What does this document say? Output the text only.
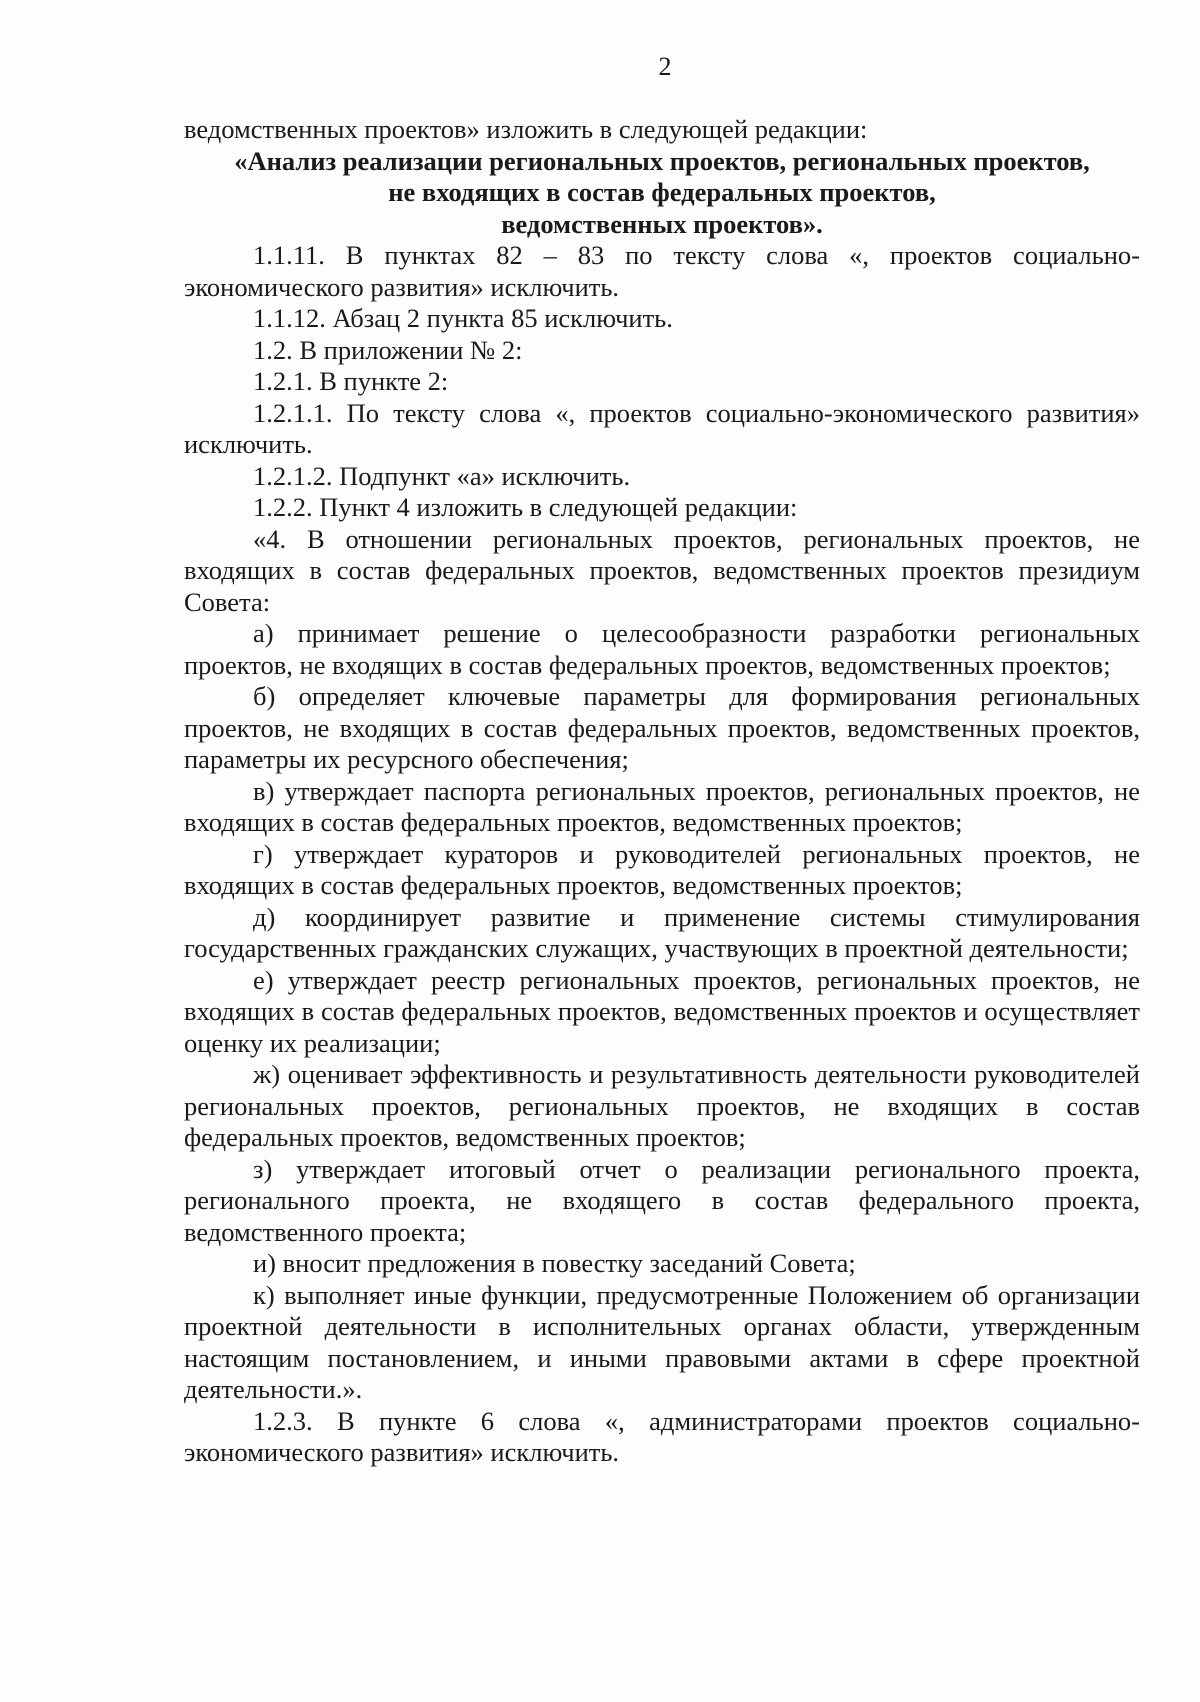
2

ведомственных проектов» изложить в следующей редакции:

«Анализ реализации региональных проектов, региональных проектов,

не входящих в состав федеральных проектов,

ведомственных проектов».

1.1.11. В пунктах 82 – 83 по тексту слова «, проектов социально-экономического развития» исключить.

1.1.12. Абзац 2 пункта 85 исключить.

1.2. В приложении № 2:

1.2.1. В пункте 2:

1.2.1.1. По тексту слова «, проектов социально-экономического развития» исключить.

1.2.1.2. Подпункт «а» исключить.

1.2.2. Пункт 4 изложить в следующей редакции:

«4. В отношении региональных проектов, региональных проектов, не входящих в состав федеральных проектов, ведомственных проектов президиум Совета:

а) принимает решение о целесообразности разработки региональных проектов, не входящих в состав федеральных проектов, ведомственных проектов;

б) определяет ключевые параметры для формирования региональных проектов, не входящих в состав федеральных проектов, ведомственных проектов, параметры их ресурсного обеспечения;

в) утверждает паспорта региональных проектов, региональных проектов, не входящих в состав федеральных проектов, ведомственных проектов;

г) утверждает кураторов и руководителей региональных проектов, не входящих в состав федеральных проектов, ведомственных проектов;

д) координирует развитие и применение системы стимулирования государственных гражданских служащих, участвующих в проектной деятельности;

е) утверждает реестр региональных проектов, региональных проектов, не входящих в состав федеральных проектов, ведомственных проектов и осуществляет оценку их реализации;

ж) оценивает эффективность и результативность деятельности руководителей региональных проектов, региональных проектов, не входящих в состав федеральных проектов, ведомственных проектов;

з) утверждает итоговый отчет о реализации регионального проекта, регионального проекта, не входящего в состав федерального проекта, ведомственного проекта;

и) вносит предложения в повестку заседаний Совета;

к) выполняет иные функции, предусмотренные Положением об организации проектной деятельности в исполнительных органах области, утвержденным настоящим постановлением, и иными правовыми актами в сфере проектной деятельности.».

1.2.3. В пункте 6 слова «, администраторами проектов социально-экономического развития» исключить.
